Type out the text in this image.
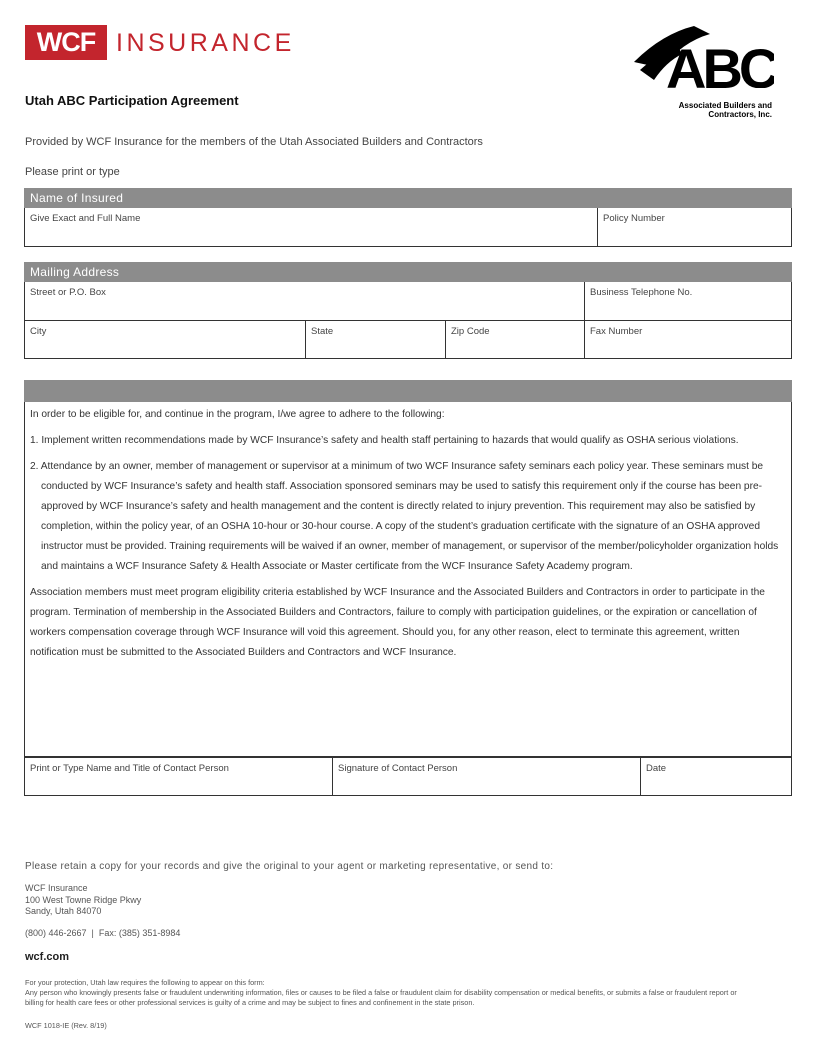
WCF INSURANCE	ABC
Associated Builders and Contractors, Inc.
Utah ABC Participation Agreement
Provided by WCF Insurance for the members of the Utah Associated Builders and Contractors
Please print or type
Name of Insured
Give Exact and Full Name	Policy Number
Mailing Address
Street or P.O. Box	Business Telephone No.
City	State	Zip Code	Fax Number

In order to be eligible for, and continue in the program, I/we agree to adhere to the following:

1. Implement written recommendations made by WCF Insurance’s safety and health staff pertaining to hazards that would qualify as OSHA serious violations.

2. Attendance by an owner, member of management or supervisor at a minimum of two WCF Insurance safety seminars each policy year. These seminars must be conducted by WCF Insurance’s safety and health staff. Association sponsored seminars may be used to satisfy this requirement only if the course has been pre-approved by WCF Insurance’s safety and health management and the content is directly related to injury prevention. This requirement may also be satisfied by completion, within the policy year, of an OSHA 10-hour or 30-hour course. A copy of the student’s graduation certificate with the signature of an OSHA approved instructor must be provided. Training requirements will be waived if an owner, member of management, or supervisor of the member/policyholder organization holds and maintains a WCF Insurance Safety & Health Associate or Master certificate from the WCF Insurance Safety Academy program.

Association members must meet program eligibility criteria established by WCF Insurance and the Associated Builders and Contractors in order to participate in the program. Termination of membership in the Associated Builders and Contractors, failure to comply with participation guidelines, or the expiration or cancellation of workers compensation coverage through WCF Insurance will void this agreement. Should you, for any other reason, elect to terminate this agreement, written notification must be submitted to the Associated Builders and Contractors and WCF Insurance.

Print or Type Name and Title of Contact Person	Signature of Contact Person	Date
Please retain a copy for your records and give the original to your agent or marketing representative, or send to:
WCF Insurance
100 West Towne Ridge Pkwy
Sandy, Utah 84070
(800) 446-2667  |  Fax: (385) 351-8984
wcf.com
For your protection, Utah law requires the following to appear on this form:
Any person who knowingly presents false or fraudulent underwriting information, files or causes to be filed a false or fraudulent claim for disability compensation or medical benefits, or submits a false or fraudulent report or billing for health care fees or other professional services is guilty of a crime and may be subject to fines and confinement in the state prison.
WCF 1018-IE (Rev. 8/19)
